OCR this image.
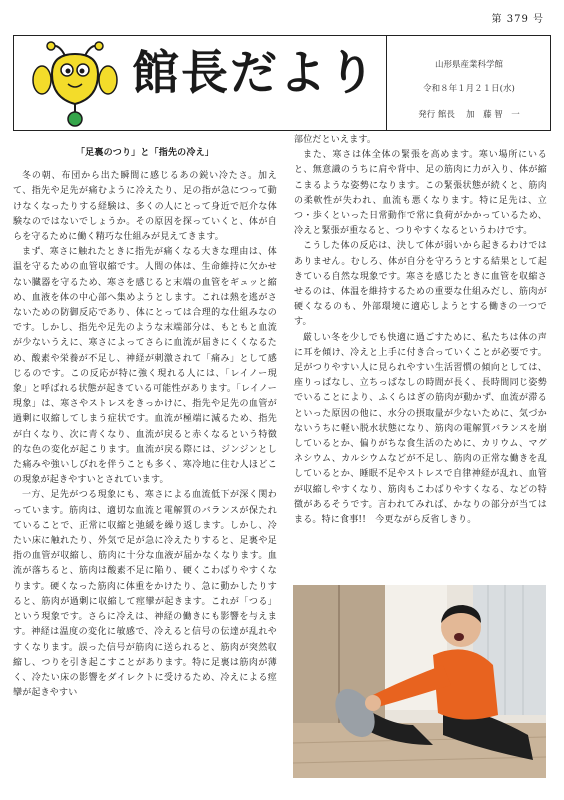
第 379 号
館長だより	山形県産業科学館
令和８年１月２１日(水)
発行 館長　 加　藤 智　一

「足裏のつり」と「指先の冷え」

冬の朝、布団から出た瞬間に感じるあの鋭い冷たさ。加えて、指先や足先が痛むように冷えたり、足の指が急につって動けなくなったりする経験は、多くの人にとって身近で厄介な体験なのではないでしょうか。その原因を探っていくと、体が自らを守るために働く精巧な仕組みが見えてきます。

まず、寒さに触れたときに指先が痛くなる大きな理由は、体温を守るための血管収縮です。人間の体は、生命維持に欠かせない臓器を守るため、寒さを感じると末端の血管をギュッと縮め、血液を体の中心部へ集めようとします。これは熱を逃がさないための防御反応であり、体にとっては合理的な仕組みなのです。しかし、指先や足先のような末端部分は、もともと血流が少ないうえに、寒さによってさらに血流が届きにくくなるため、酸素や栄養が不足し、神経が刺激されて「痛み」として感じるのです。この反応が特に強く現れる人には、「レイノー現象」と呼ばれる状態が起きている可能性があります。「レイノー現象」は、寒さやストレスをきっかけに、指先や足先の血管が過剰に収縮してしまう症状です。血流が極端に減るため、指先が白くなり、次に青くなり、血流が戻ると赤くなるという特徴的な色の変化が起こります。血流が戻る際には、ジンジンとした痛みや強いしびれを伴うことも多く、寒冷地に住む人ほどこの現象が起きやすいとされています。

一方、足先がつる現象にも、寒さによる血流低下が深く関わっています。筋肉は、適切な血流と電解質のバランスが保たれていることで、正常に収縮と弛緩を繰り返します。しかし、冷たい床に触れたり、外気で足が急に冷えたりすると、足裏や足指の血管が収縮し、筋肉に十分な血液が届かなくなります。血流が落ちると、筋肉は酸素不足に陥り、硬くこわばりやすくなります。硬くなった筋肉に体重をかけたり、急に動かしたりすると、筋肉が過剰に収縮して痙攣が起きます。これが「つる」という現象です。さらに冷えは、神経の働きにも影響を与えます。神経は温度の変化に敏感で、冷えると信号の伝達が乱れやすくなります。誤った信号が筋肉に送られると、筋肉が突然収縮し、つりを引き起こすことがあります。特に足裏は筋肉が薄く、冷たい床の影響をダイレクトに受けるため、冷えによる痙攣が起きやすい

部位だといえます。

また、寒さは体全体の緊張を高めます。寒い場所にいると、無意識のうちに肩や背中、足の筋肉に力が入り、体が縮こまるような姿勢になります。この緊張状態が続くと、筋肉の柔軟性が失われ、血流も悪くなります。特に足先は、立つ・歩くといった日常動作で常に負荷がかかっているため、冷えと緊張が重なると、つりやすくなるというわけです。

こうした体の反応は、決して体が弱いから起きるわけではありません。むしろ、体が自分を守ろうとする結果として起きている自然な現象です。寒さを感じたときに血管を収縮させるのは、体温を維持するための重要な仕組みだし、筋肉が硬くなるのも、外部環境に適応しようとする働きの一つです。

厳しい冬を少しでも快適に過ごすために、私たちは体の声に耳を傾け、冷えと上手に付き合っていくことが必要です。足がつりやすい人に見られやすい生活習慣の傾向としては、座りっぱなし、立ちっぱなしの時間が長く、長時間同じ姿勢でいることにより、ふくらはぎの筋肉が動かず、血流が滞るといった原因の他に、水分の摂取量が少ないために、気づかないうちに軽い脱水状態になり、筋肉の電解質バランスを崩しているとか、偏りがちな食生活のために、カリウム、マグネシウム、カルシウムなどが不足し、筋肉の正常な働きを乱しているとか、睡眠不足やストレスで自律神経が乱れ、血管が収縮しやすくなり、筋肉もこわばりやすくなる、などの特徴があるそうです。言われてみれば、かなりの部分が当てはまる。特に食事!!　今更ながら反省しきり。
